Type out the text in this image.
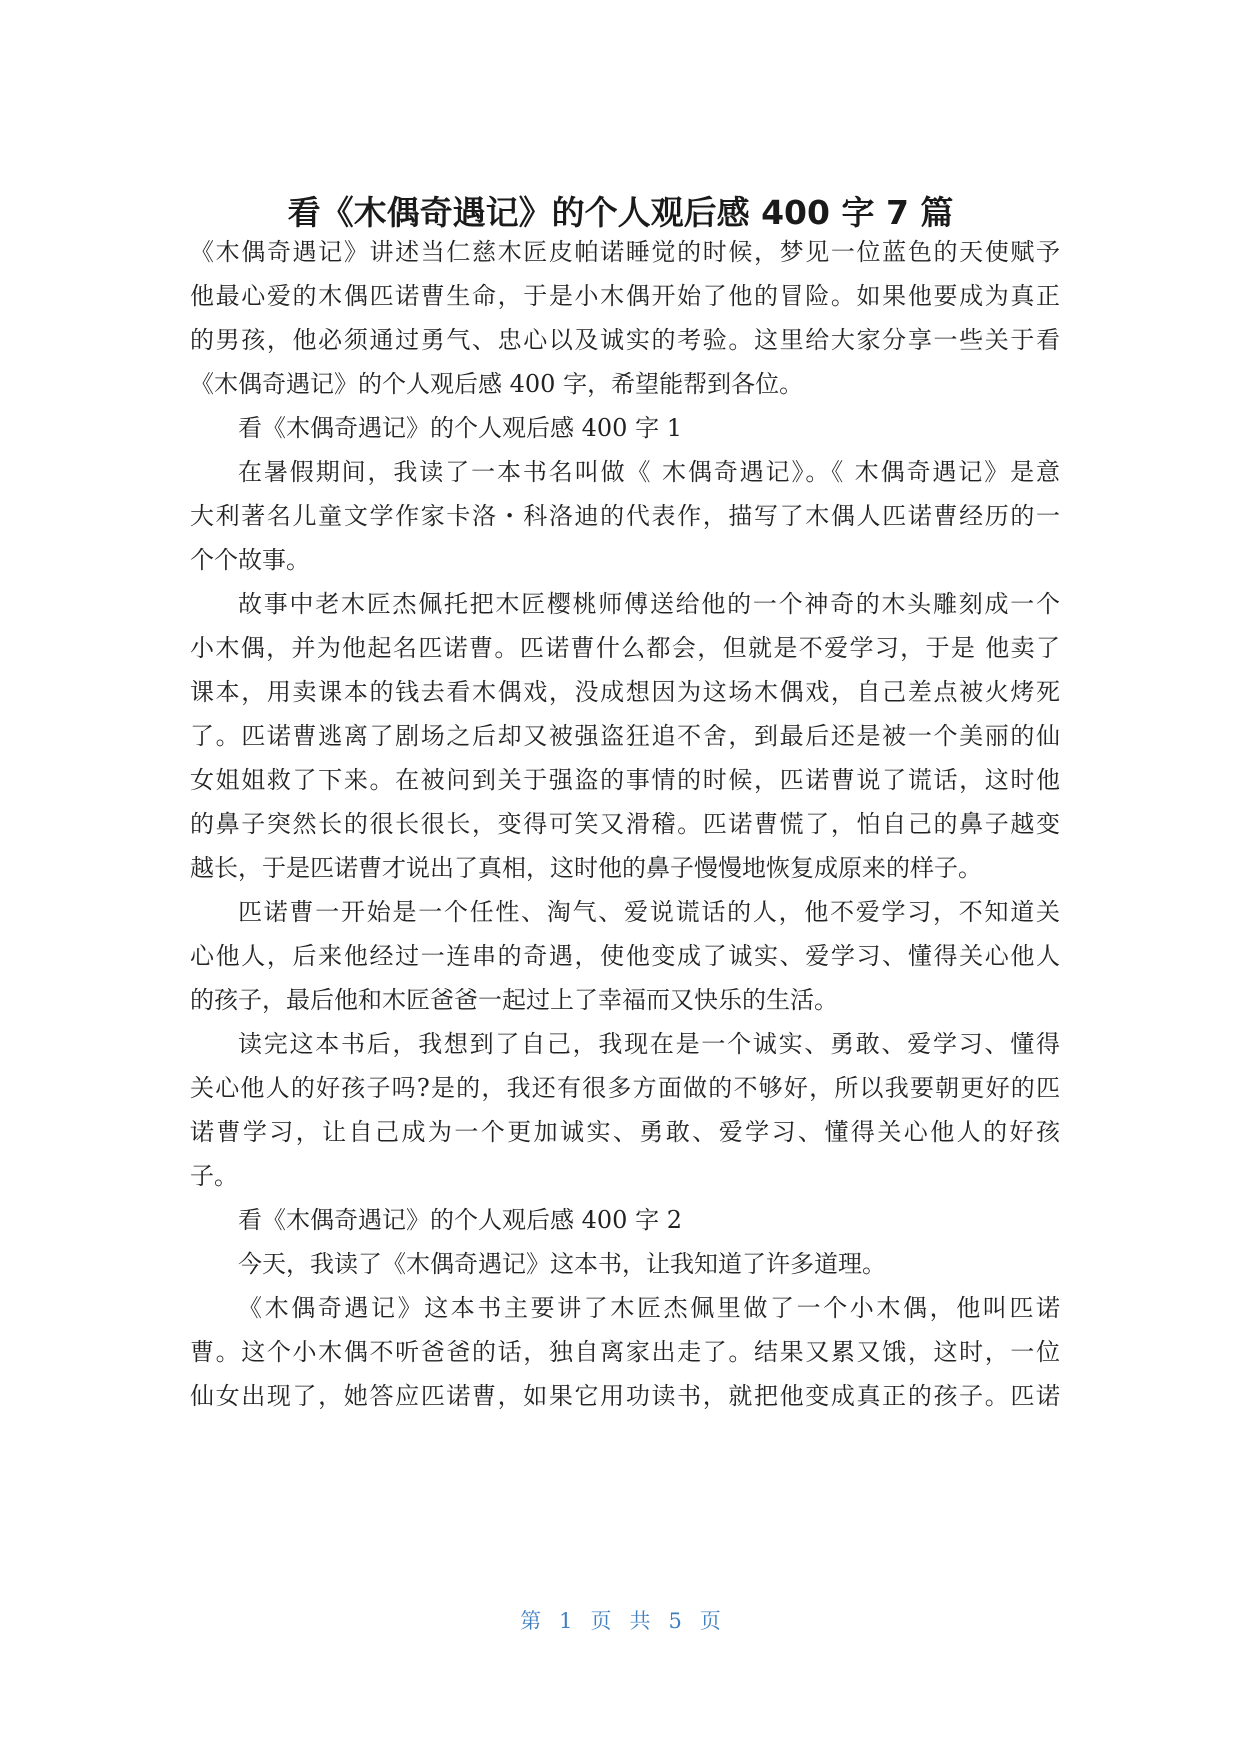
看《木偶奇遇记》的个人观后感 400 字 7 篇
《木偶奇遇记》讲述当仁慈木匠皮帕诺睡觉的时候，梦见一位蓝色的天使赋予
他最心爱的木偶匹诺曹生命，于是小木偶开始了他的冒险。如果他要成为真正
的男孩，他必须通过勇气、忠心以及诚实的考验。这里给大家分享一些关于看
《木偶奇遇记》的个人观后感 400 字，希望能帮到各位。
看《木偶奇遇记》的个人观后感 400 字 1
在暑假期间，我读了一本书名叫做《 木偶奇遇记》。《 木偶奇遇记》是意
大利著名儿童文学作家卡洛・科洛迪的代表作，描写了木偶人匹诺曹经历的一
个个故事。
故事中老木匠杰佩托把木匠樱桃师傅送给他的一个神奇的木头雕刻成一个
小木偶，并为他起名匹诺曹。匹诺曹什么都会，但就是不爱学习，于是 他卖了
课本，用卖课本的钱去看木偶戏，没成想因为这场木偶戏，自己差点被火烤死
了。匹诺曹逃离了剧场之后却又被强盗狂追不舍，到最后还是被一个美丽的仙
女姐姐救了下来。在被问到关于强盗的事情的时候，匹诺曹说了谎话，这时他
的鼻子突然长的很长很长，变得可笑又滑稽。匹诺曹慌了，怕自己的鼻子越变
越长，于是匹诺曹才说出了真相，这时他的鼻子慢慢地恢复成原来的样子。
匹诺曹一开始是一个任性、淘气、爱说谎话的人，他不爱学习，不知道关
心他人，后来他经过一连串的奇遇，使他变成了诚实、爱学习、懂得关心他人
的孩子，最后他和木匠爸爸一起过上了幸福而又快乐的生活。
读完这本书后，我想到了自己，我现在是一个诚实、勇敢、爱学习、懂得
关心他人的好孩子吗?是的，我还有很多方面做的不够好，所以我要朝更好的匹
诺曹学习，让自己成为一个更加诚实、勇敢、爱学习、懂得关心他人的好孩
子。
看《木偶奇遇记》的个人观后感 400 字 2
今天，我读了《木偶奇遇记》这本书，让我知道了许多道理。
《木偶奇遇记》这本书主要讲了木匠杰佩里做了一个小木偶，他叫匹诺
曹。这个小木偶不听爸爸的话，独自离家出走了。结果又累又饿，这时，一位
仙女出现了，她答应匹诺曹，如果它用功读书，就把他变成真正的孩子。匹诺
第 1 页 共 5 页
